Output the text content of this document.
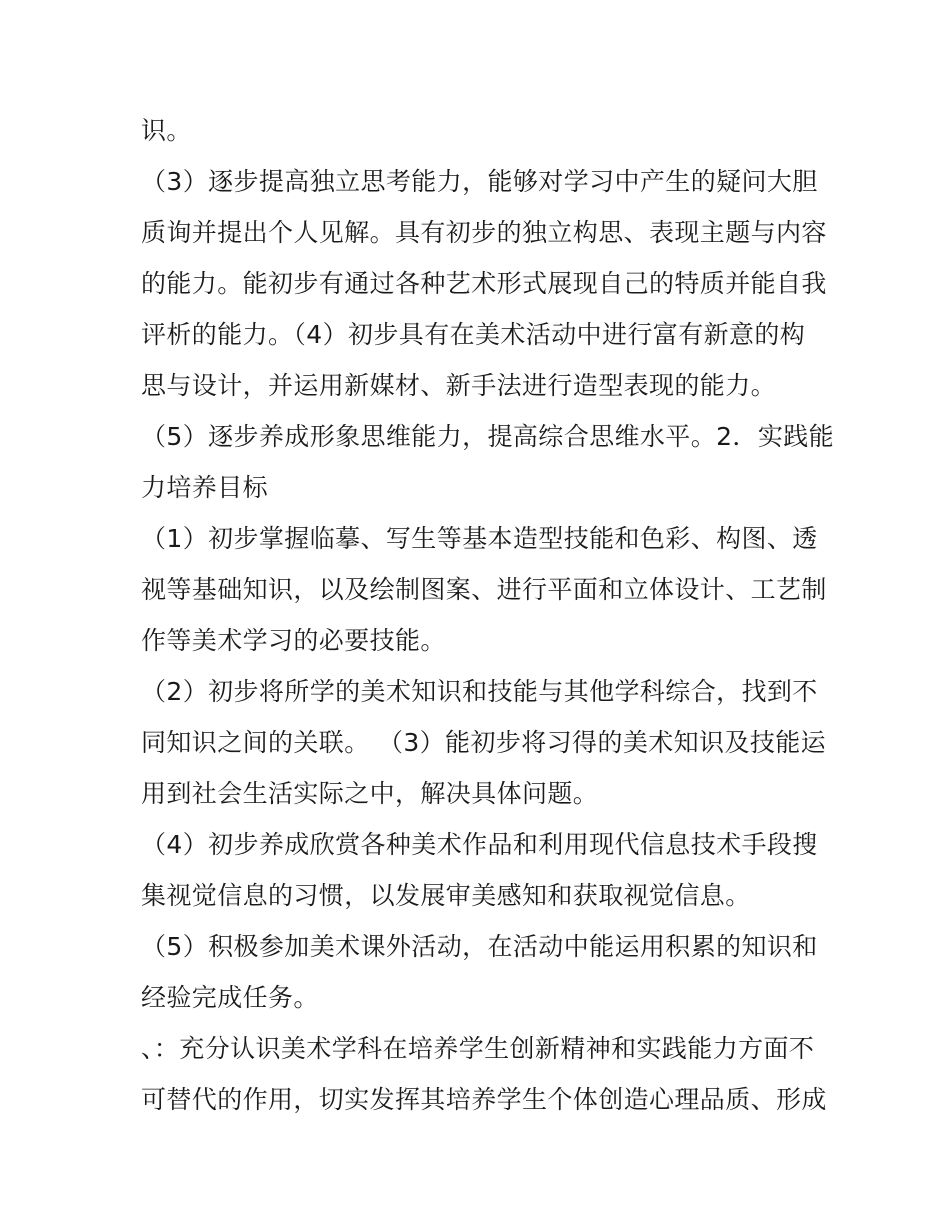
识。
（3）逐步提高独立思考能力，能够对学习中产生的疑问大胆
质询并提出个人见解。具有初步的独立构思、表现主题与内容
的能力。能初步有通过各种艺术形式展现自己的特质并能自我
评析的能力。（4）初步具有在美术活动中进行富有新意的构
思与设计，并运用新媒材、新手法进行造型表现的能力。
（5）逐步养成形象思维能力，提高综合思维水平。2．实践能
力培养目标
（1）初步掌握临摹、写生等基本造型技能和色彩、构图、透
视等基础知识，以及绘制图案、进行平面和立体设计、工艺制
作等美术学习的必要技能。
（2）初步将所学的美术知识和技能与其他学科综合，找到不
同知识之间的关联。 （3）能初步将习得的美术知识及技能运
用到社会生活实际之中，解决具体问题。
（4）初步养成欣赏各种美术作品和利用现代信息技术手段搜
集视觉信息的习惯，以发展审美感知和获取视觉信息。
（5）积极参加美术课外活动，在活动中能运用积累的知识和
经验完成任务。
、：充分认识美术学科在培养学生创新精神和实践能力方面不
可替代的作用，切实发挥其培养学生个体创造心理品质、形成
